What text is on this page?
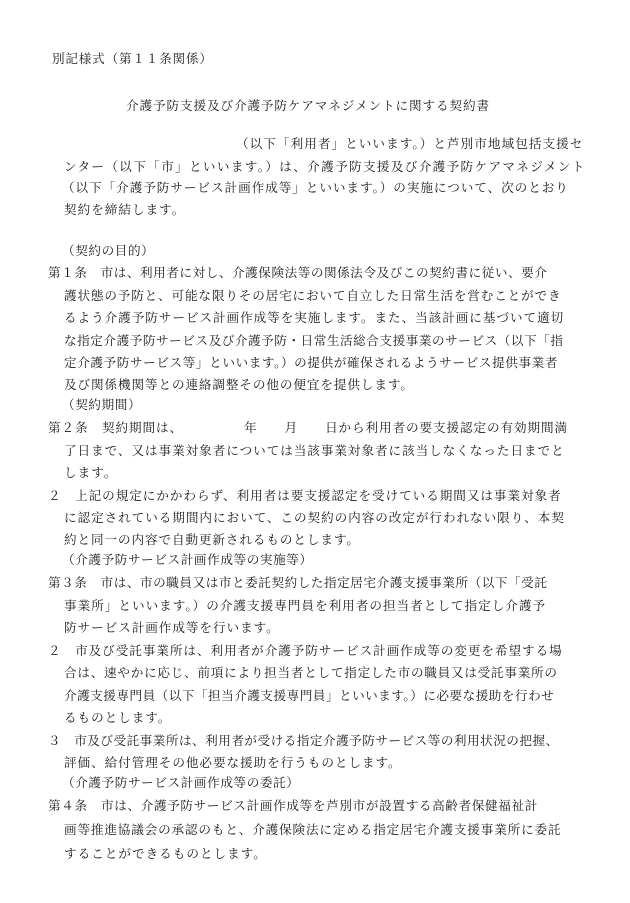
別記様式（第１１条関係）
介護予防支援及び介護予防ケアマネジメントに関する契約書
（以下「利用者」といいます。）と芦別市地域包括支援セ
ンター（以下「市」といいます。）は、介護予防支援及び介護予防ケアマネジメント
（以下「介護予防サービス計画作成等」といいます。）の実施について、次のとおり
契約を締結します。
（契約の目的）
第１条　市は、利用者に対し、介護保険法等の関係法令及びこの契約書に従い、要介
護状態の予防と、可能な限りその居宅において自立した日常生活を営むことができ
るよう介護予防サービス計画作成等を実施します。また、当該計画に基づいて適切
な指定介護予防サービス及び介護予防・日常生活総合支援事業のサービス（以下「指
定介護予防サービス等」といいます。）の提供が確保されるようサービス提供事業者
及び関係機関等との連絡調整その他の便宜を提供します。
（契約期間）
第２条　契約期間は、　　　　　年　　月　　日から利用者の要支援認定の有効期間満
了日まで、又は事業対象者については当該事業対象者に該当しなくなった日までと
します。
２　上記の規定にかかわらず、利用者は要支援認定を受けている期間又は事業対象者
に認定されている期間内において、この契約の内容の改定が行われない限り、本契
約と同一の内容で自動更新されるものとします。
（介護予防サービス計画作成等の実施等）
第３条　市は、市の職員又は市と委託契約した指定居宅介護支援事業所（以下「受託
事業所」といいます。）の介護支援専門員を利用者の担当者として指定し介護予
防サービス計画作成等を行います。
２　市及び受託事業所は、利用者が介護予防サービス計画作成等の変更を希望する場
合は、速やかに応じ、前項により担当者として指定した市の職員又は受託事業所の
介護支援専門員（以下「担当介護支援専門員」といいます。）に必要な援助を行わせ
るものとします。
３　市及び受託事業所は、利用者が受ける指定介護予防サービス等の利用状況の把握、
評価、給付管理その他必要な援助を行うものとします。
（介護予防サービス計画作成等の委託）
第４条　市は、介護予防サービス計画作成等を芦別市が設置する高齢者保健福祉計
画等推進協議会の承認のもと、介護保険法に定める指定居宅介護支援事業所に委託
することができるものとします。
